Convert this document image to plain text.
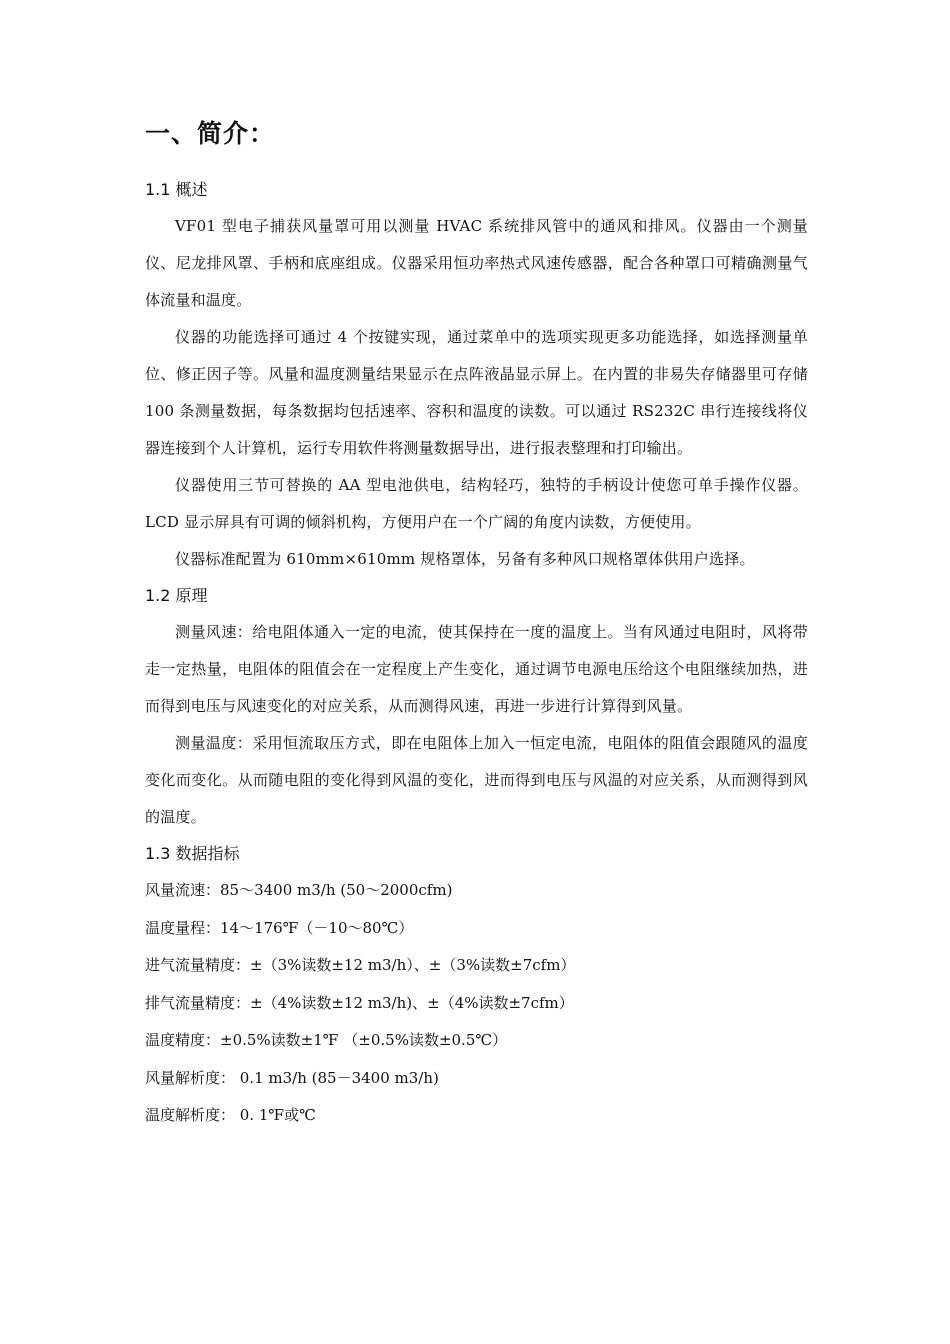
一、简介：
1.1 概述

VF01 型电子捕获风量罩可用以测量 HVAC 系统排风管中的通风和排风。仪器由一个测量仪、尼龙排风罩、手柄和底座组成。仪器采用恒功率热式风速传感器，配合各种罩口可精确测量气体流量和温度。

仪器的功能选择可通过 4 个按键实现，通过菜单中的选项实现更多功能选择，如选择测量单位、修正因子等。风量和温度测量结果显示在点阵液晶显示屏上。在内置的非易失存储器里可存储 100 条测量数据，每条数据均包括速率、容积和温度的读数。可以通过 RS232C 串行连接线将仪器连接到个人计算机，运行专用软件将测量数据导出，进行报表整理和打印输出。

仪器使用三节可替换的 AA 型电池供电，结构轻巧，独特的手柄设计使您可单手操作仪器。LCD 显示屏具有可调的倾斜机构，方便用户在一个广阔的角度内读数，方便使用。

仪器标准配置为 610mm×610mm 规格罩体，另备有多种风口规格罩体供用户选择。

1.2 原理

测量风速：给电阻体通入一定的电流，使其保持在一度的温度上。当有风通过电阻时，风将带走一定热量，电阻体的阻值会在一定程度上产生变化，通过调节电源电压给这个电阻继续加热，进而得到电压与风速变化的对应关系，从而测得风速，再进一步进行计算得到风量。

测量温度：采用恒流取压方式，即在电阻体上加入一恒定电流，电阻体的阻值会跟随风的温度变化而变化。从而随电阻的变化得到风温的变化，进而得到电压与风温的对应关系，从而测得到风的温度。

1.3 数据指标

风量流速：85～3400 m3/h (50～2000cfm)

温度量程：14～176℉（－10～80℃）

进气流量精度：±（3%读数±12 m3/h）、±（3%读数±7cfm）

排气流量精度：±（4%读数±12 m3/h)、±（4%读数±7cfm）

温度精度：±0.5%读数±1℉ （±0.5%读数±0.5℃）

风量解析度： 0.1 m3/h (85－3400 m3/h)

温度解析度： 0. 1℉或℃
